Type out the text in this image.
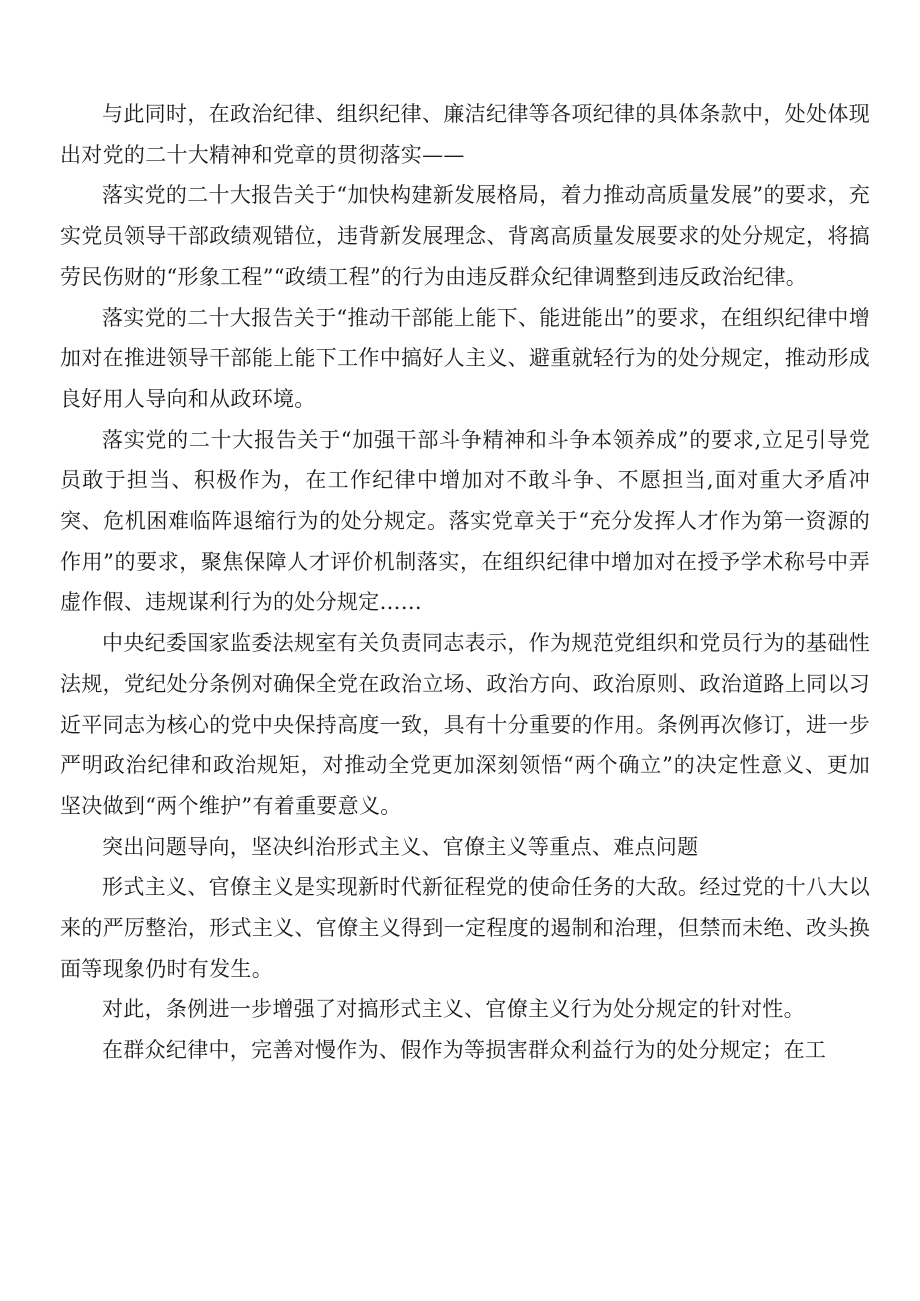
与此同时，在政治纪律、组织纪律、廉洁纪律等各项纪律的具体条款中，处处体现出对党的二十大精神和党章的贯彻落实——

落实党的二十大报告关于“加快构建新发展格局，着力推动高质量发展”的要求，充实党员领导干部政绩观错位，违背新发展理念、背离高质量发展要求的处分规定，将搞劳民伤财的“形象工程”“政绩工程”的行为由违反群众纪律调整到违反政治纪律。

落实党的二十大报告关于“推动干部能上能下、能进能出”的要求，在组织纪律中增加对在推进领导干部能上能下工作中搞好人主义、避重就轻行为的处分规定，推动形成良好用人导向和从政环境。

落实党的二十大报告关于“加强干部斗争精神和斗争本领养成”的要求,立足引导党员敢于担当、积极作为，在工作纪律中增加对不敢斗争、不愿担当,面对重大矛盾冲突、危机困难临阵退缩行为的处分规定。落实党章关于“充分发挥人才作为第一资源的作用”的要求，聚焦保障人才评价机制落实，在组织纪律中增加对在授予学术称号中弄虚作假、违规谋利行为的处分规定……

中央纪委国家监委法规室有关负责同志表示，作为规范党组织和党员行为的基础性法规，党纪处分条例对确保全党在政治立场、政治方向、政治原则、政治道路上同以习近平同志为核心的党中央保持高度一致，具有十分重要的作用。条例再次修订，进一步严明政治纪律和政治规矩，对推动全党更加深刻领悟“两个确立”的决定性意义、更加坚决做到“两个维护”有着重要意义。

突出问题导向，坚决纠治形式主义、官僚主义等重点、难点问题

形式主义、官僚主义是实现新时代新征程党的使命任务的大敌。经过党的十八大以来的严厉整治，形式主义、官僚主义得到一定程度的遏制和治理，但禁而未绝、改头换面等现象仍时有发生。

对此，条例进一步增强了对搞形式主义、官僚主义行为处分规定的针对性。

在群众纪律中，完善对慢作为、假作为等损害群众利益行为的处分规定；在工
